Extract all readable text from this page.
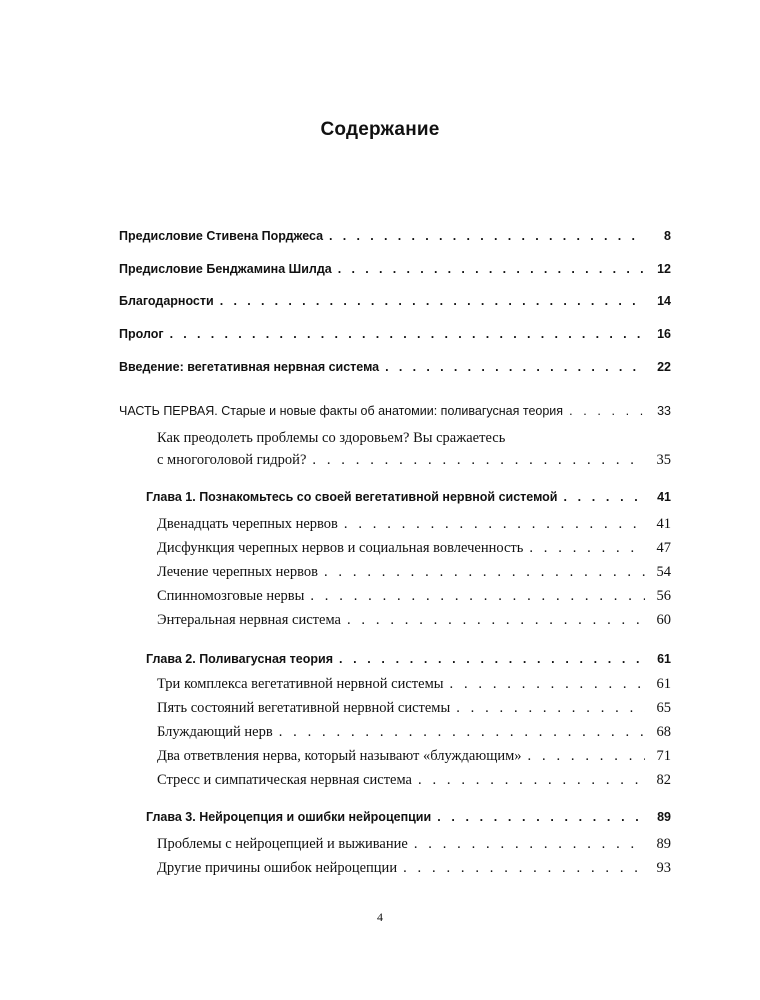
Содержание
Предисловие Стивена Порджеса . . .	8
Предисловие Бенджамина Шилда . . .	12
Благодарности . . .	14
Пролог . . .	16
Введение: вегетативная нервная система . . .	22
ЧАСТЬ ПЕРВАЯ. Старые и новые факты об анатомии: поливагусная теория . . .	33
Как преодолеть проблемы со здоровьем? Вы сражаетесь
с многоголовой гидрой? . . .	35
Глава 1. Познакомьтесь со своей вегетативной нервной системой . . .	41
Двенадцать черепных нервов . . .	41
Дисфункция черепных нервов и социальная вовлеченность . . .	47
Лечение черепных нервов . . .	54
Спинномозговые нервы . . .	56
Энтеральная нервная система . . .	60
Глава 2. Поливагусная теория . . .	61
Три комплекса вегетативной нервной системы . . .	61
Пять состояний вегетативной нервной системы . . .	65
Блуждающий нерв . . .	68
Два ответвления нерва, который называют «блуждающим» . . .	71
Стресс и симпатическая нервная система . . .	82
Глава 3. Нейроцепция и ошибки нейроцепции . . .	89
Проблемы с нейроцепцией и выживание . . .	89
Другие причины ошибок нейроцепции . . .	93
4
